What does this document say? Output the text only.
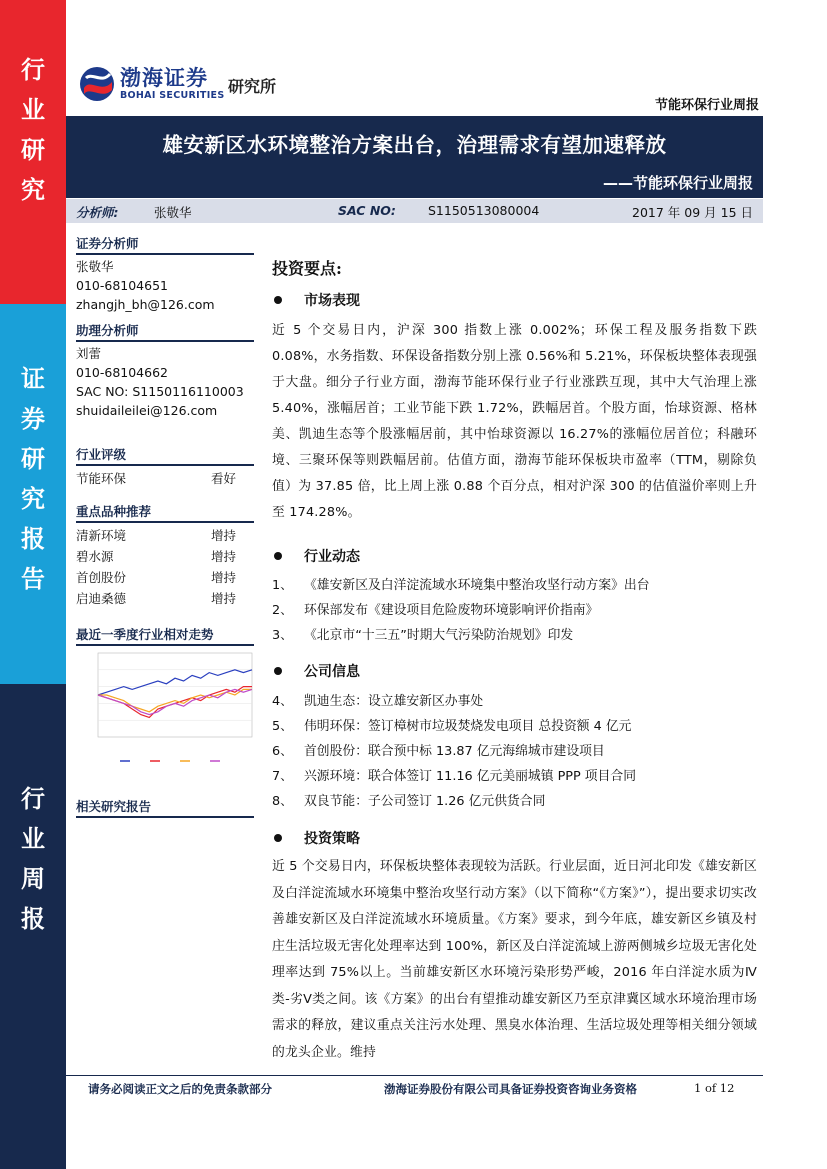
行
业
研
究
证
券
研
究
报
告
行
业
周
报
渤海证券
BOHAI SECURITIES 研究所
节能环保行业周报
雄安新区水环境整治方案出台，治理需求有望加速释放
——节能环保行业周报
分析师:	张敬华	SAC NO:	S1150513080004	2017 年 09 月 15 日
证券分析师
张敬华
010-68104651
zhangjh_bh@126.com
助理分析师
刘蕾
010-68104662
SAC NO: S1150116110003
shuidaileilei@126.com
行业评级
节能环保	看好
重点品种推荐
清新环境	增持
碧水源	增持
首创股份	增持
启迪桑德	增持
最近一季度行业相对走势
相关研究报告
投资要点:
市场表现
近 5 个交易日内，沪深 300 指数上涨 0.002%；环保工程及服务指数下跌 0.08%，水务指数、环保设备指数分别上涨 0.56%和 5.21%，环保板块整体表现强于大盘。细分子行业方面，渤海节能环保行业子行业涨跌互现，其中大气治理上涨 5.40%，涨幅居首；工业节能下跌 1.72%，跌幅居首。个股方面，怡球资源、格林美、凯迪生态等个股涨幅居前，其中怡球资源以 16.27%的涨幅位居首位；科融环境、三聚环保等则跌幅居前。估值方面，渤海节能环保板块市盈率（TTM，剔除负值）为 37.85 倍，比上周上涨 0.88 个百分点，相对沪深 300 的估值溢价率则上升至 174.28%。
行业动态
1、 《雄安新区及白洋淀流域水环境集中整治攻坚行动方案》出台
2、 环保部发布《建设项目危险废物环境影响评价指南》
3、 《北京市“十三五”时期大气污染防治规划》印发
公司信息
4、 凯迪生态：设立雄安新区办事处
5、 伟明环保：签订樟树市垃圾焚烧发电项目 总投资额 4 亿元
6、 首创股份：联合预中标 13.87 亿元海绵城市建设项目
7、 兴源环境：联合体签订 11.16 亿元美丽城镇 PPP 项目合同
8、 双良节能：子公司签订 1.26 亿元供货合同
投资策略
近 5 个交易日内，环保板块整体表现较为活跃。行业层面，近日河北印发《雄安新区及白洋淀流域水环境集中整治攻坚行动方案》（以下简称“《方案》”），提出要求切实改善雄安新区及白洋淀流域水环境质量。《方案》要求，到今年底，雄安新区乡镇及村庄生活垃圾无害化处理率达到 100%，新区及白洋淀流域上游两侧城乡垃圾无害化处理率达到 75%以上。当前雄安新区水环境污染形势严峻，2016 年白洋淀水质为Ⅳ类-劣Ⅴ类之间。该《方案》的出台有望推动雄安新区乃至京津冀区域水环境治理市场需求的释放，建议重点关注污水处理、黑臭水体治理、生活垃圾处理等相关细分领域的龙头企业。维持
请务必阅读正文之后的免责条款部分	渤海证券股份有限公司具备证券投资咨询业务资格	1 of 12
